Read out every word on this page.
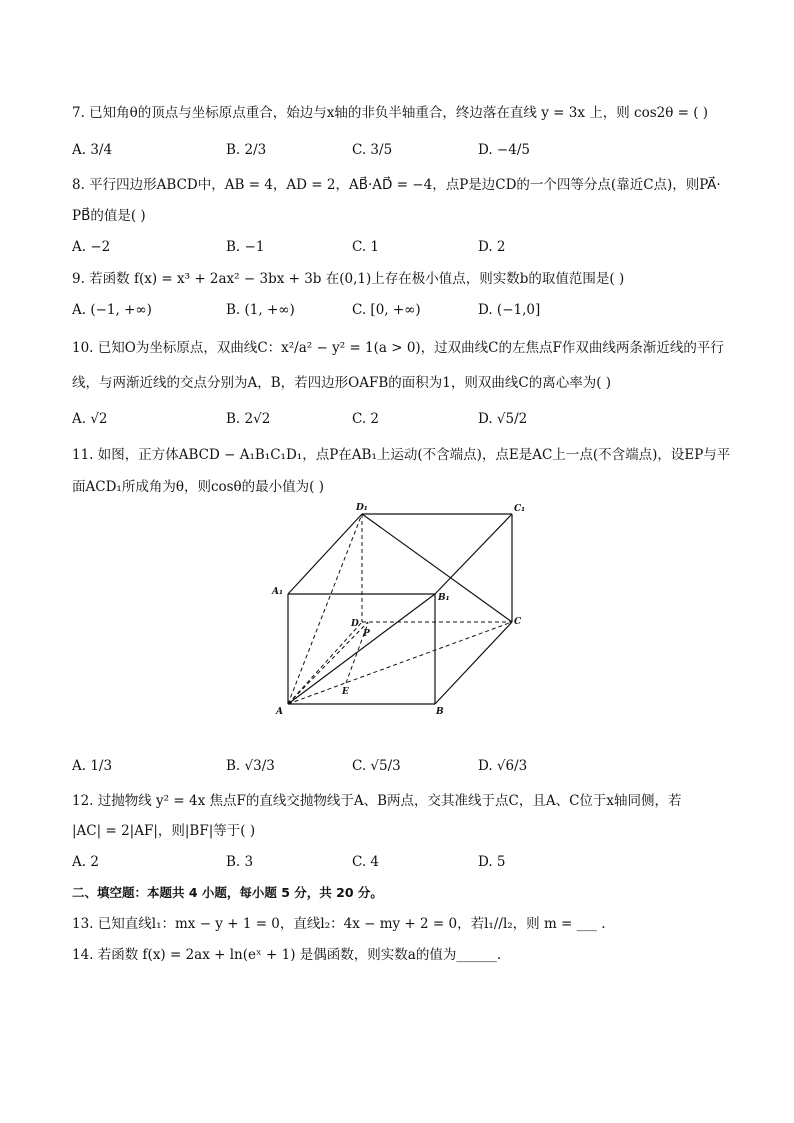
7. 已知角θ的顶点与坐标原点重合，始边与x轴的非负半轴重合，终边落在直线 y = 3x 上，则 cos2θ = ( )
A. 3/4	B. 2/3	C. 3/5	D. −4/5
8. 平行四边形ABCD中，AB = 4，AD = 2，AB⃗·AD⃗ = −4，点P是边CD的一个四等分点(靠近C点)，则PA⃗·
PB⃗的值是( )
A. −2	B. −1	C. 1	D. 2
9. 若函数 f(x) = x³ + 2ax² − 3bx + 3b 在(0,1)上存在极小值点，则实数b的取值范围是( )
A. (−1, +∞)	B. (1, +∞)	C. [0, +∞)	D. (−1,0]
10. 已知O为坐标原点，双曲线C：x²/a² − y² = 1(a > 0)，过双曲线C的左焦点F作双曲线两条渐近线的平行
线，与两渐近线的交点分别为A，B，若四边形OAFB的面积为1，则双曲线C的离心率为( )
A. √2	B. 2√2	C. 2	D. √5/2
11. 如图，正方体ABCD − A₁B₁C₁D₁，点P在AB₁上运动(不含端点)，点E是AC上一点(不含端点)，设EP与平
面ACD₁所成角为θ，则cosθ的最小值为( )
D₁	C₁
A₁
B₁
D
P
C
E
A	B
A. 1/3	B. √3/3	C. √5/3	D. √6/3
12. 过抛物线 y² = 4x 焦点F的直线交抛物线于A、B两点，交其准线于点C，且A、C位于x轴同侧，若
|AC| = 2|AF|，则|BF|等于( )
A. 2	B. 3	C. 4	D. 5
二、填空题：本题共 4 小题，每小题 5 分，共 20 分。
13. 已知直线l₁：mx − y + 1 = 0，直线l₂：4x − my + 2 = 0，若l₁//l₂，则 m = ___ .
14. 若函数 f(x) = 2ax + ln(eˣ + 1) 是偶函数，则实数a的值为______.
